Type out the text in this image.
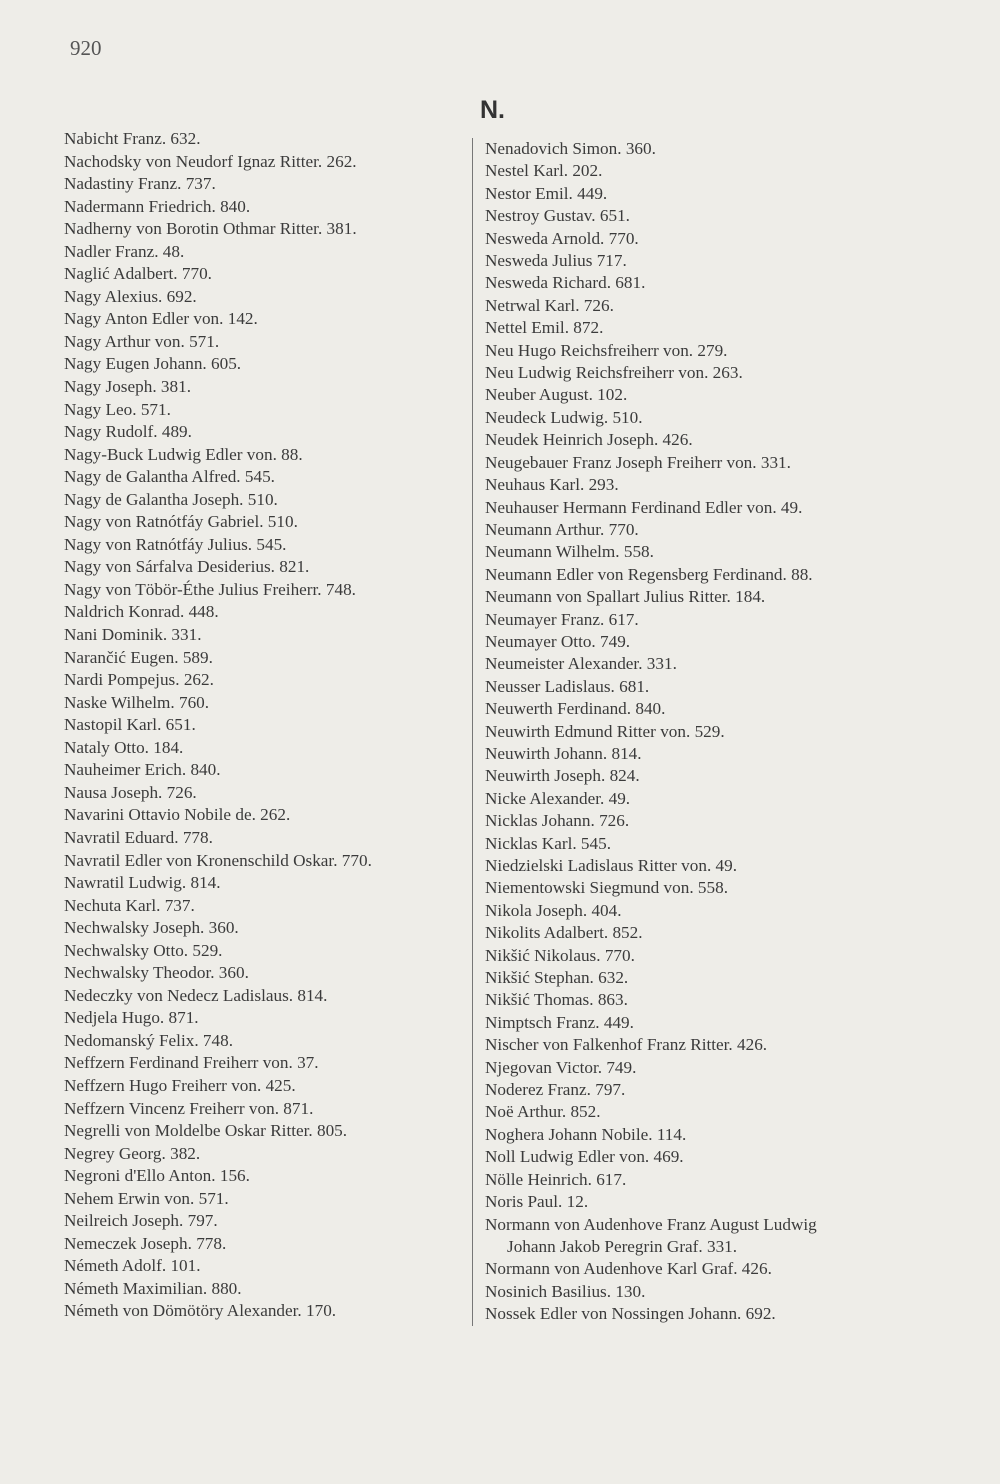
920
N.
Nabicht Franz. 632.
Nachodsky von Neudorf Ignaz Ritter. 262.
Nadastiny Franz. 737.
Nadermann Friedrich. 840.
Nadherny von Borotin Othmar Ritter. 381.
Nadler Franz. 48.
Naglić Adalbert. 770.
Nagy Alexius. 692.
Nagy Anton Edler von. 142.
Nagy Arthur von. 571.
Nagy Eugen Johann. 605.
Nagy Joseph. 381.
Nagy Leo. 571.
Nagy Rudolf. 489.
Nagy-Buck Ludwig Edler von. 88.
Nagy de Galantha Alfred. 545.
Nagy de Galantha Joseph. 510.
Nagy von Ratnótfáy Gabriel. 510.
Nagy von Ratnótfáy Julius. 545.
Nagy von Sárfalva Desiderius. 821.
Nagy von Töbör-Éthe Julius Freiherr. 748.
Naldrich Konrad. 448.
Nani Dominik. 331.
Narančić Eugen. 589.
Nardi Pompejus. 262.
Naske Wilhelm. 760.
Nastopil Karl. 651.
Nataly Otto. 184.
Nauheimer Erich. 840.
Nausa Joseph. 726.
Navarini Ottavio Nobile de. 262.
Navratil Eduard. 778.
Navratil Edler von Kronenschild Oskar. 770.
Nawratil Ludwig. 814.
Nechuta Karl. 737.
Nechwalsky Joseph. 360.
Nechwalsky Otto. 529.
Nechwalsky Theodor. 360.
Nedeczky von Nedecz Ladislaus. 814.
Nedjela Hugo. 871.
Nedomanský Felix. 748.
Neffzern Ferdinand Freiherr von. 37.
Neffzern Hugo Freiherr von. 425.
Neffzern Vincenz Freiherr von. 871.
Negrelli von Moldelbe Oskar Ritter. 805.
Negrey Georg. 382.
Negroni d'Ello Anton. 156.
Nehem Erwin von. 571.
Neilreich Joseph. 797.
Nemeczek Joseph. 778.
Németh Adolf. 101.
Németh Maximilian. 880.
Németh von Dömötöry Alexander. 170.
Nenadovich Simon. 360.
Nestel Karl. 202.
Nestor Emil. 449.
Nestroy Gustav. 651.
Nesweda Arnold. 770.
Nesweda Julius 717.
Nesweda Richard. 681.
Netrwal Karl. 726.
Nettel Emil. 872.
Neu Hugo Reichsfreiherr von. 279.
Neu Ludwig Reichsfreiherr von. 263.
Neuber August. 102.
Neudeck Ludwig. 510.
Neudek Heinrich Joseph. 426.
Neugebauer Franz Joseph Freiherr von. 331.
Neuhaus Karl. 293.
Neuhauser Hermann Ferdinand Edler von. 49.
Neumann Arthur. 770.
Neumann Wilhelm. 558.
Neumann Edler von Regensberg Ferdinand. 88.
Neumann von Spallart Julius Ritter. 184.
Neumayer Franz. 617.
Neumayer Otto. 749.
Neumeister Alexander. 331.
Neusser Ladislaus. 681.
Neuwerth Ferdinand. 840.
Neuwirth Edmund Ritter von. 529.
Neuwirth Johann. 814.
Neuwirth Joseph. 824.
Nicke Alexander. 49.
Nicklas Johann. 726.
Nicklas Karl. 545.
Niedzielski Ladislaus Ritter von. 49.
Niementowski Siegmund von. 558.
Nikola Joseph. 404.
Nikolits Adalbert. 852.
Nikšić Nikolaus. 770.
Nikšić Stephan. 632.
Nikšić Thomas. 863.
Nimptsch Franz. 449.
Nischer von Falkenhof Franz Ritter. 426.
Njegovan Victor. 749.
Noderez Franz. 797.
Noë Arthur. 852.
Noghera Johann Nobile. 114.
Noll Ludwig Edler von. 469.
Nölle Heinrich. 617.
Noris Paul. 12.
Normann von Audenhove Franz August Ludwig
Johann Jakob Peregrin Graf. 331.
Normann von Audenhove Karl Graf. 426.
Nosinich Basilius. 130.
Nossek Edler von Nossingen Johann. 692.
